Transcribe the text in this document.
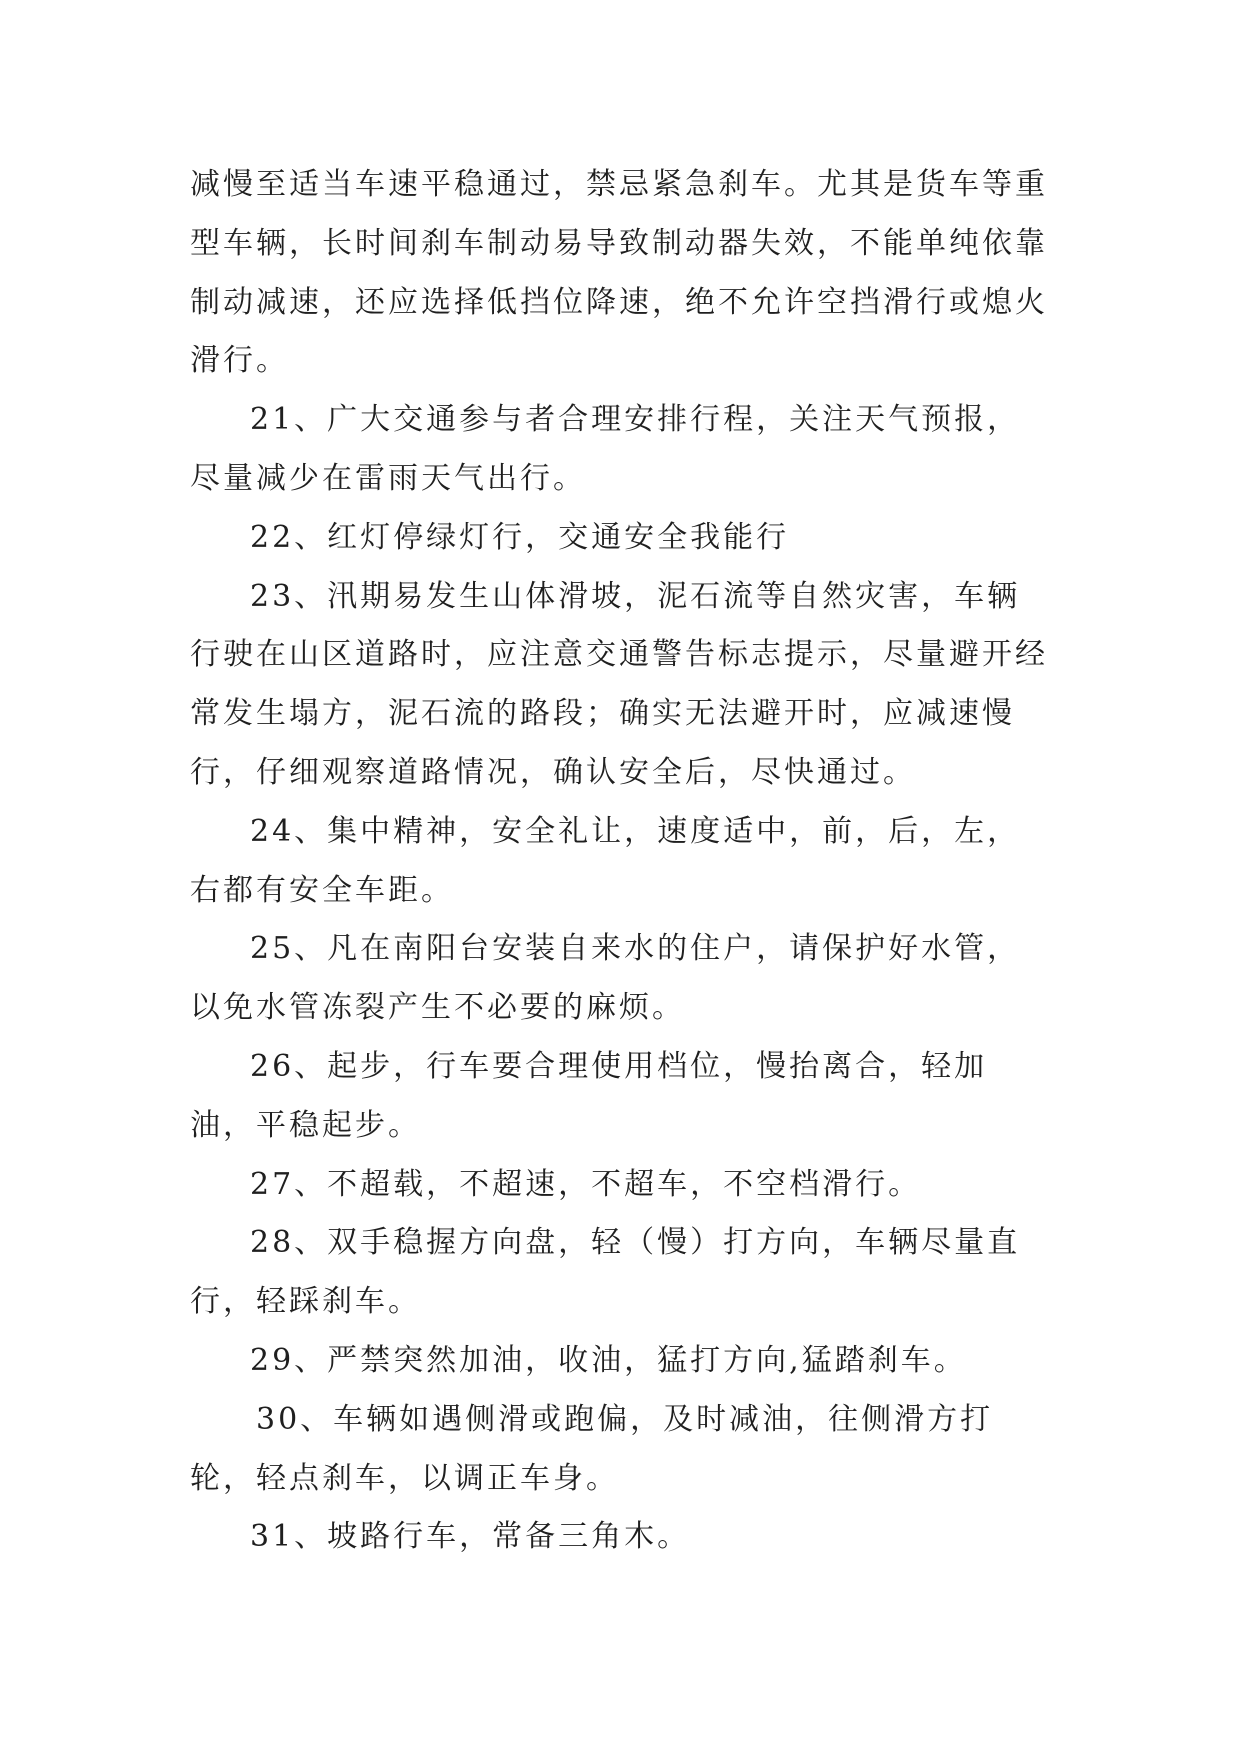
减慢至适当车速平稳通过，禁忌紧急刹车。尤其是货车等重型车辆，长时间刹车制动易导致制动器失效，不能单纯依靠制动减速，还应选择低挡位降速，绝不允许空挡滑行或熄火滑行。

21、广大交通参与者合理安排行程，关注天气预报，尽量减少在雷雨天气出行。

22、红灯停绿灯行，交通安全我能行

23、汛期易发生山体滑坡，泥石流等自然灾害，车辆行驶在山区道路时，应注意交通警告标志提示，尽量避开经常发生塌方，泥石流的路段；确实无法避开时，应减速慢行，仔细观察道路情况，确认安全后，尽快通过。

24、集中精神，安全礼让，速度适中，前，后，左，右都有安全车距。

25、凡在南阳台安装自来水的住户，请保护好水管，以免水管冻裂产生不必要的麻烦。

26、起步，行车要合理使用档位，慢抬离合，轻加油，平稳起步。

27、不超载，不超速，不超车，不空档滑行。

28、双手稳握方向盘，轻（慢）打方向，车辆尽量直行，轻踩刹车。

29、严禁突然加油，收油，猛打方向,猛踏刹车。

30、车辆如遇侧滑或跑偏，及时减油，往侧滑方打轮，轻点刹车，以调正车身。

31、坡路行车，常备三角木。
